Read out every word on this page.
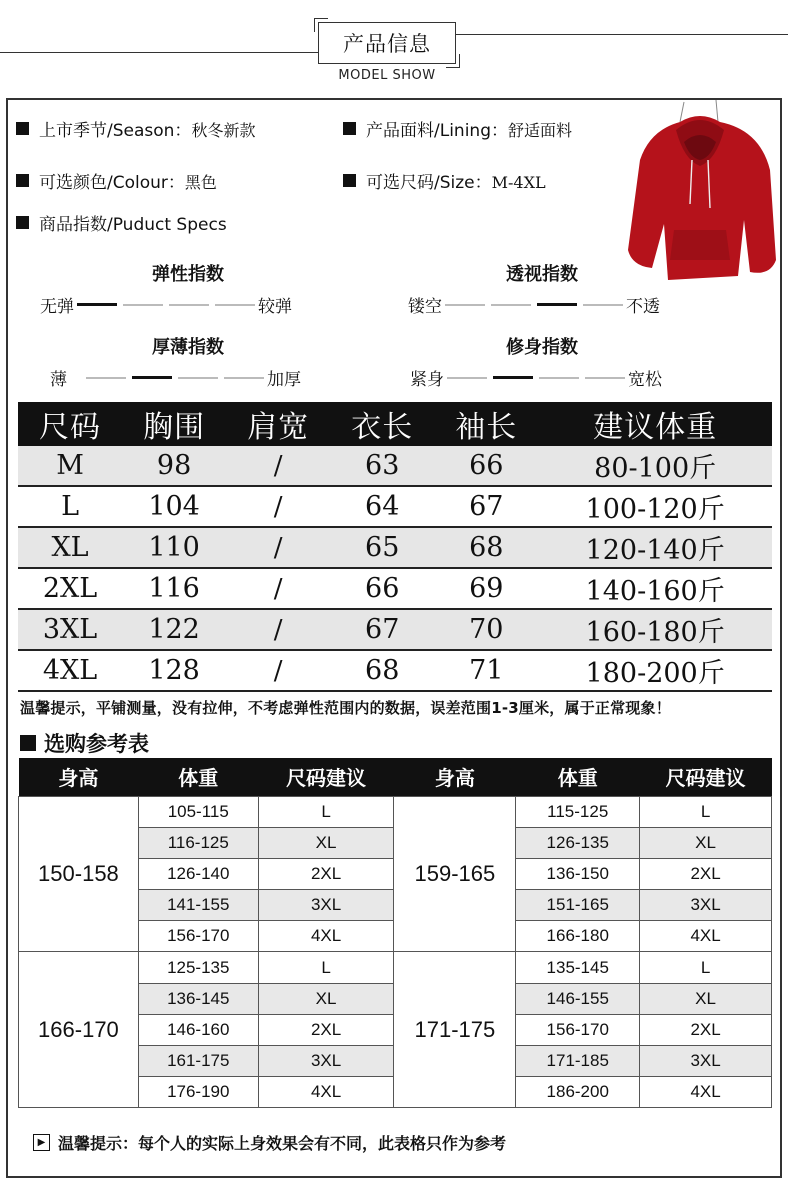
产品信息
MODEL SHOW
上市季节/Season：秋冬新款	产品面料/Lining：舒适面料
可选颜色/Colour：黑色	可选尺码/Size：M-4XL
商品指数/Puduct Specs
弹性指数
无弹	较弹
透视指数
镂空	不透
厚薄指数
薄	加厚
修身指数
紧身	宽松
尺码	胸围	肩宽	衣长	袖长	建议体重
M	98	/	63	66	80-100斤
L	104	/	64	67	100-120斤
XL	110	/	65	68	120-140斤
2XL	116	/	66	69	140-160斤
3XL	122	/	67	70	160-180斤
4XL	128	/	68	71	180-200斤
温馨提示，平铺测量，没有拉伸，不考虑弹性范围内的数据，误差范围1-3厘米，属于正常现象！
选购参考表
身高	体重	尺码建议	身高	体重	尺码建议
150-158	105-115	L	159-165	115-125	L
	116-125	XL		126-135	XL
	126-140	2XL		136-150	2XL
	141-155	3XL		151-165	3XL
	156-170	4XL		166-180	4XL
166-170	125-135	L	171-175	135-145	L
	136-145	XL		146-155	XL
	146-160	2XL		156-170	2XL
	161-175	3XL		171-185	3XL
	176-190	4XL		186-200	4XL
▶ 温馨提示：每个人的实际上身效果会有不同，此表格只作为参考
